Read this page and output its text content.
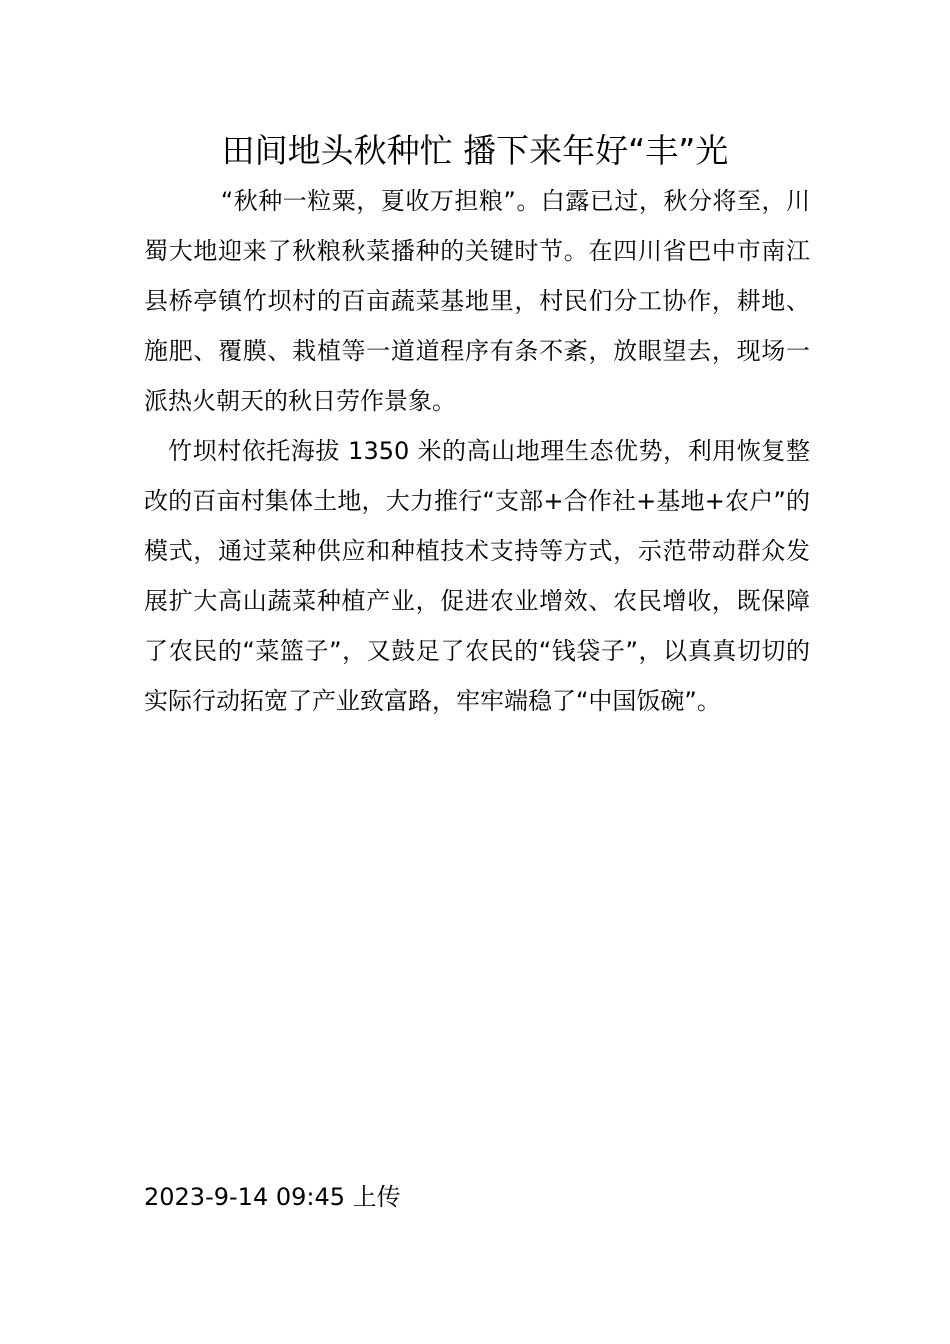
田间地头秋种忙 播下来年好“丰”光

“秋种一粒粟，夏收万担粮”。白露已过，秋分将至，川蜀大地迎来了秋粮秋菜播种的关键时节。在四川省巴中市南江县桥亭镇竹坝村的百亩蔬菜基地里，村民们分工协作，耕地、施肥、覆膜、栽植等一道道程序有条不紊，放眼望去，现场一派热火朝天的秋日劳作景象。

竹坝村依托海拔 1350 米的高山地理生态优势，利用恢复整改的百亩村集体土地，大力推行“支部+合作社+基地+农户”的模式，通过菜种供应和种植技术支持等方式，示范带动群众发展扩大高山蔬菜种植产业，促进农业增效、农民增收，既保障了农民的“菜篮子”，又鼓足了农民的“钱袋子”，以真真切切的实际行动拓宽了产业致富路，牢牢端稳了“中国饭碗”。

2023-9-14 09:45 上传
